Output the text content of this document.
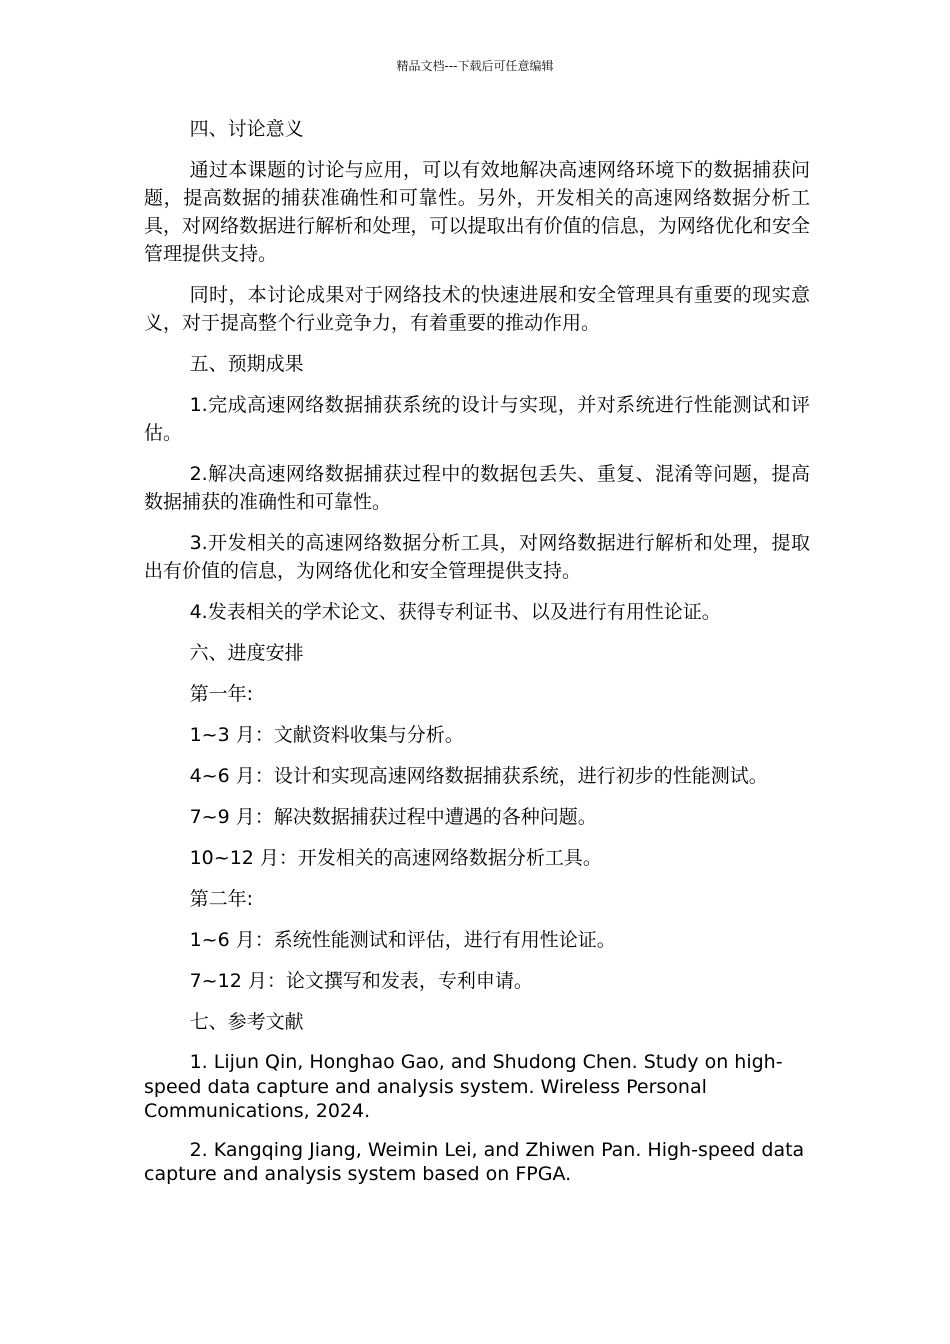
精品文档---下载后可任意编辑

四、讨论意义

通过本课题的讨论与应用，可以有效地解决高速网络环境下的数据捕获问题，提高数据的捕获准确性和可靠性。另外，开发相关的高速网络数据分析工具，对网络数据进行解析和处理，可以提取出有价值的信息，为网络优化和安全管理提供支持。

同时，本讨论成果对于网络技术的快速进展和安全管理具有重要的现实意义，对于提高整个行业竞争力，有着重要的推动作用。

五、预期成果

1.完成高速网络数据捕获系统的设计与实现，并对系统进行性能测试和评估。

2.解决高速网络数据捕获过程中的数据包丢失、重复、混淆等问题，提高数据捕获的准确性和可靠性。

3.开发相关的高速网络数据分析工具，对网络数据进行解析和处理，提取出有价值的信息，为网络优化和安全管理提供支持。

4.发表相关的学术论文、获得专利证书、以及进行有用性论证。

六、进度安排

第一年:

1~3 月：文献资料收集与分析。

4~6 月：设计和实现高速网络数据捕获系统，进行初步的性能测试。

7~9 月：解决数据捕获过程中遭遇的各种问题。

10~12 月：开发相关的高速网络数据分析工具。

第二年:

1~6 月：系统性能测试和评估，进行有用性论证。

7~12 月：论文撰写和发表，专利申请。

七、参考文献

1. Lijun Qin, Honghao Gao, and Shudong Chen. Study on high-speed data capture and analysis system. Wireless Personal Communications, 2024.

2. Kangqing Jiang, Weimin Lei, and Zhiwen Pan. High-speed data capture and analysis system based on FPGA.
